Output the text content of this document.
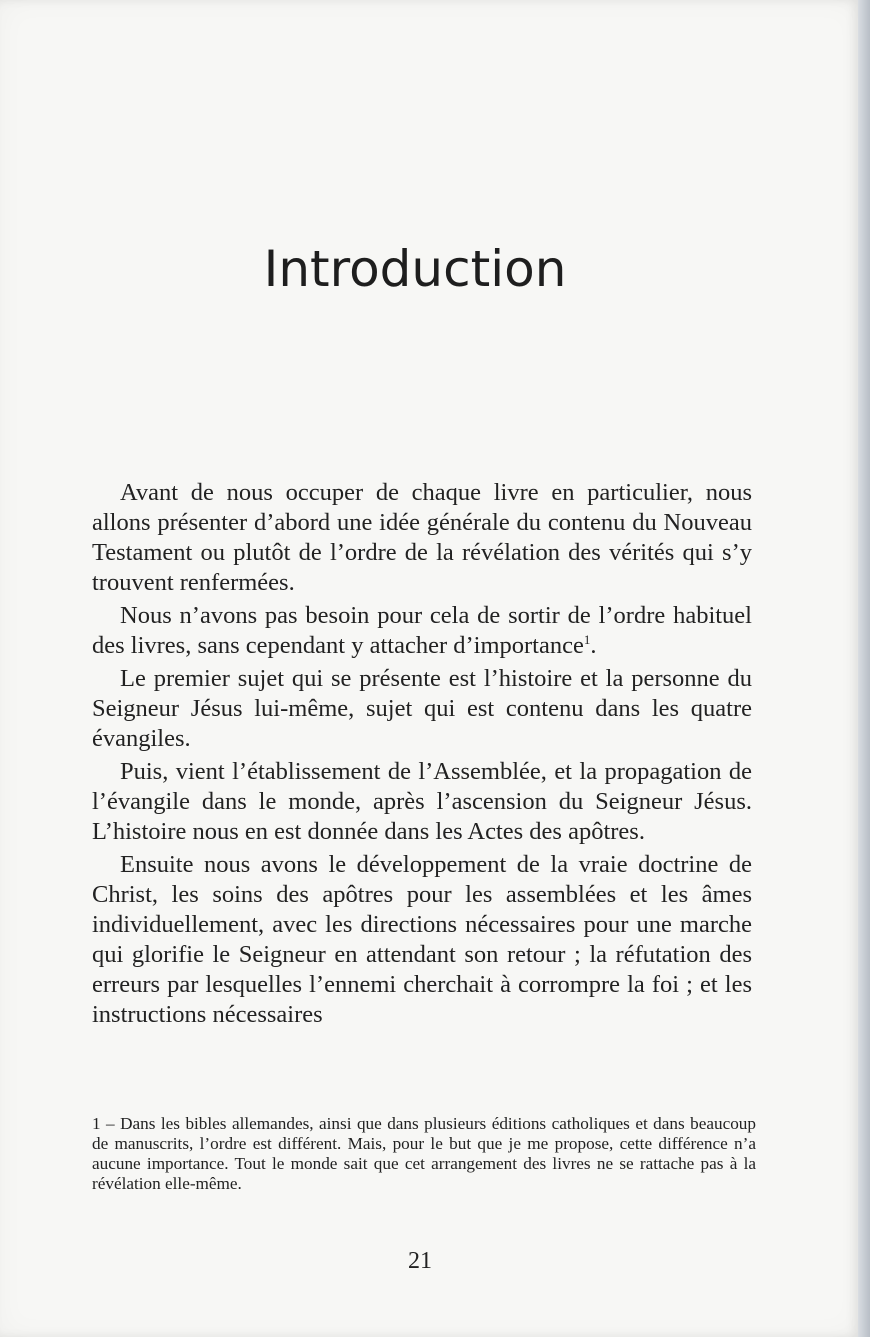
Introduction

Avant de nous occuper de chaque livre en particulier, nous allons présenter d’abord une idée générale du contenu du Nouveau Testament ou plutôt de l’ordre de la révélation des vérités qui s’y trouvent renfermées.

Nous n’avons pas besoin pour cela de sortir de l’ordre habituel des livres, sans cependant y attacher d’importance$^1$.

Le premier sujet qui se présente est l’histoire et la personne du Seigneur Jésus lui-même, sujet qui est contenu dans les quatre évangiles.

Puis, vient l’établissement de l’Assemblée, et la propagation de l’évangile dans le monde, après l’ascension du Seigneur Jésus. L’histoire nous en est donnée dans les Actes des apôtres.

Ensuite nous avons le développement de la vraie doctrine de Christ, les soins des apôtres pour les assemblées et les âmes individuellement, avec les directions nécessaires pour une marche qui glorifie le Seigneur en attendant son retour ; la réfutation des erreurs par lesquelles l’ennemi cherchait à corrompre la foi ; et les instructions nécessaires

1 – Dans les bibles allemandes, ainsi que dans plusieurs éditions catholiques et dans beaucoup de manuscrits, l’ordre est différent. Mais, pour le but que je me propose, cette différence n’a aucune importance. Tout le monde sait que cet arrangement des livres ne se rattache pas à la révélation elle-même.

21
